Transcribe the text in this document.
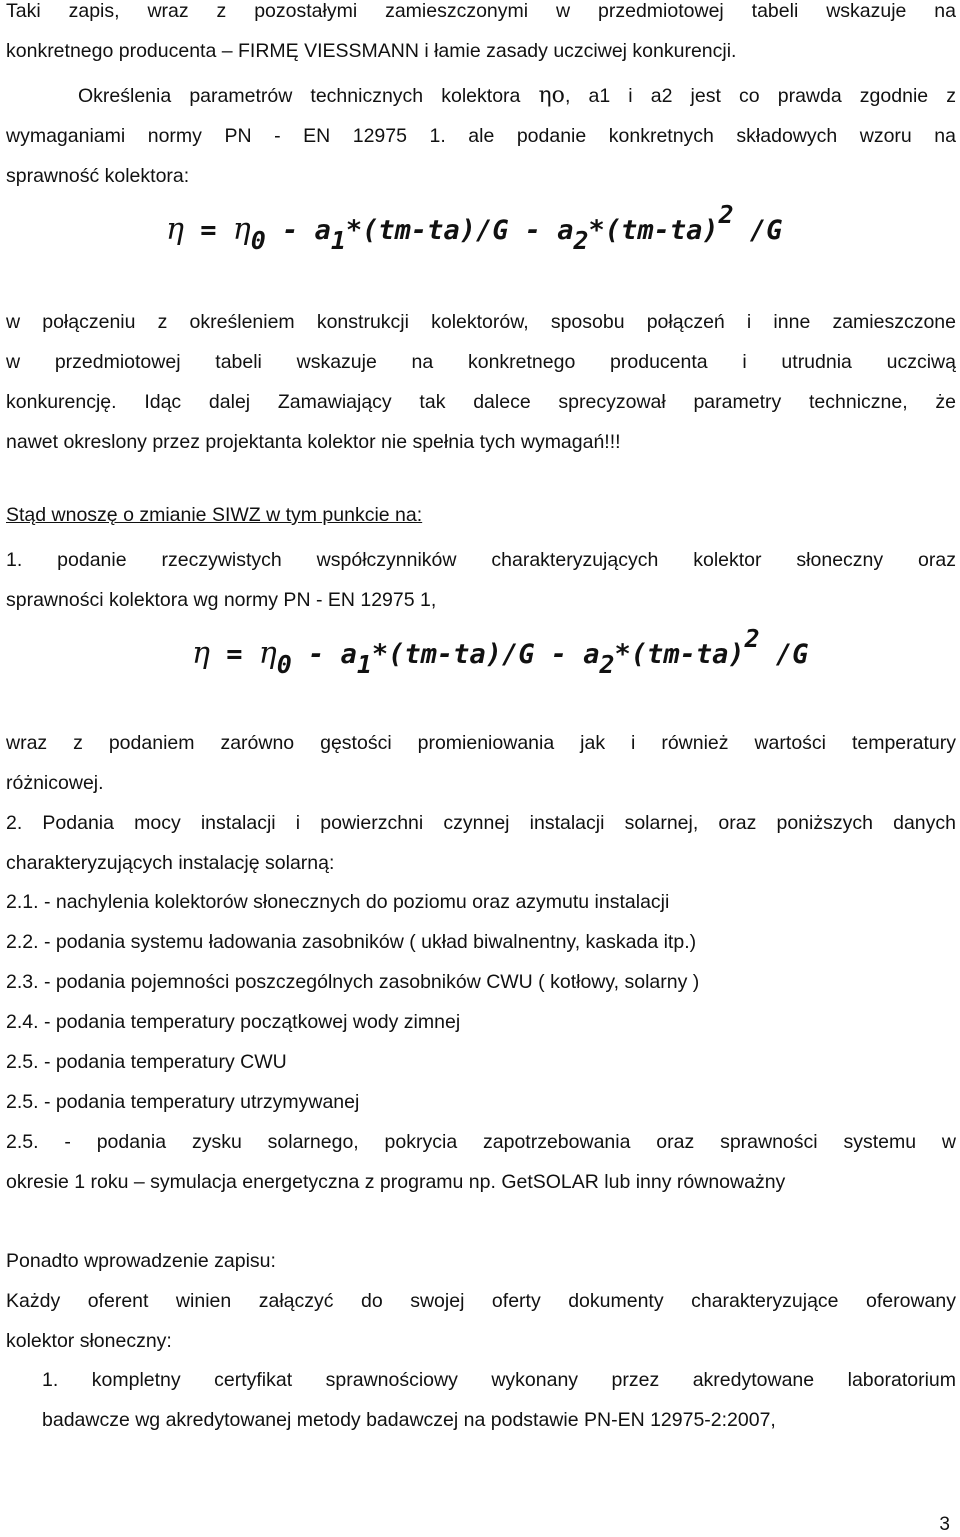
Taki zapis, wraz z pozostałymi zamieszczonymi w przedmiotowej tabeli wskazuje na
konkretnego producenta – FIRMĘ VIESSMANN i łamie zasady uczciwej konkurencji.
Określenia parametrów technicznych kolektora ηo, a1 i a2 jest co prawda zgodnie z
wymaganiami normy PN - EN 12975 1. ale podanie konkretnych składowych wzoru na
sprawność kolektora:
$\eta = \eta_0 - a_1*(tm-ta)/G - a_2*(tm-ta)^2$ /G
w połączeniu z określeniem konstrukcji kolektorów, sposobu połączeń i inne zamieszczone
w przedmiotowej tabeli wskazuje na konkretnego producenta i utrudnia uczciwą
konkurencję. Idąc dalej Zamawiający tak dalece sprecyzował parametry techniczne, że
nawet okreslony przez projektanta kolektor nie spełnia tych wymagań!!!
Stąd wnoszę o zmianie SIWZ w tym punkcie na:
1. podanie rzeczywistych współczynników charakteryzujących kolektor słoneczny oraz
sprawności kolektora wg normy PN - EN 12975 1,
$\eta = \eta_0 - a_1*(tm-ta)/G - a_2*(tm-ta)^2$ /G
wraz z podaniem zarówno gęstości promieniowania jak i również wartości temperatury
różnicowej.
2. Podania mocy instalacji i powierzchni czynnej instalacji solarnej, oraz poniższych danych
charakteryzujących instalację solarną:
2.1. - nachylenia kolektorów słonecznych do poziomu oraz azymutu instalacji
2.2. - podania systemu ładowania zasobników ( układ biwalnentny, kaskada itp.)
2.3. - podania pojemności poszczególnych zasobników CWU ( kotłowy, solarny )
2.4. - podania temperatury początkowej wody zimnej
2.5. - podania temperatury CWU
2.5. - podania temperatury utrzymywanej
2.5. - podania zysku solarnego, pokrycia zapotrzebowania oraz sprawności systemu w
okresie 1 roku – symulacja energetyczna z programu np. GetSOLAR lub inny równoważny
Ponadto wprowadzenie zapisu:
Każdy oferent winien załączyć do swojej oferty dokumenty charakteryzujące oferowany
kolektor słoneczny:
1. kompletny certyfikat sprawnościowy wykonany przez akredytowane laboratorium
badawcze wg akredytowanej metody badawczej na podstawie PN-EN 12975-2:2007,
3
